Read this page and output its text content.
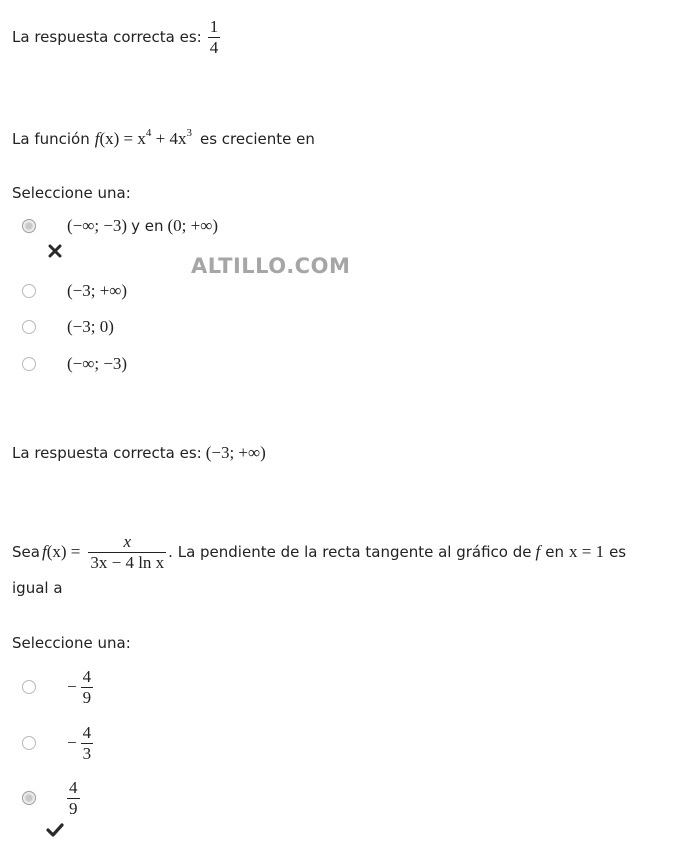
La respuesta correcta es: $\frac{1}{4}$
La función $f(x) = x^4 + 4x^3$ es creciente en
Seleccione una:
(−∞; −3) y en (0; +∞)
ALTILLO.COM
(−3; +∞)
(−3; 0)
(−∞; −3)
La respuesta correcta es: (−3; +∞)
Sea $f(x) = \frac{x}{\text{3x − 4 ln x}}$ . La pendiente de la recta tangente al gráfico de f en x = 1 es
igual a
Seleccione una:
− $\frac{4}{9}$
− $\frac{4}{3}$
$\frac{4}{9}$
